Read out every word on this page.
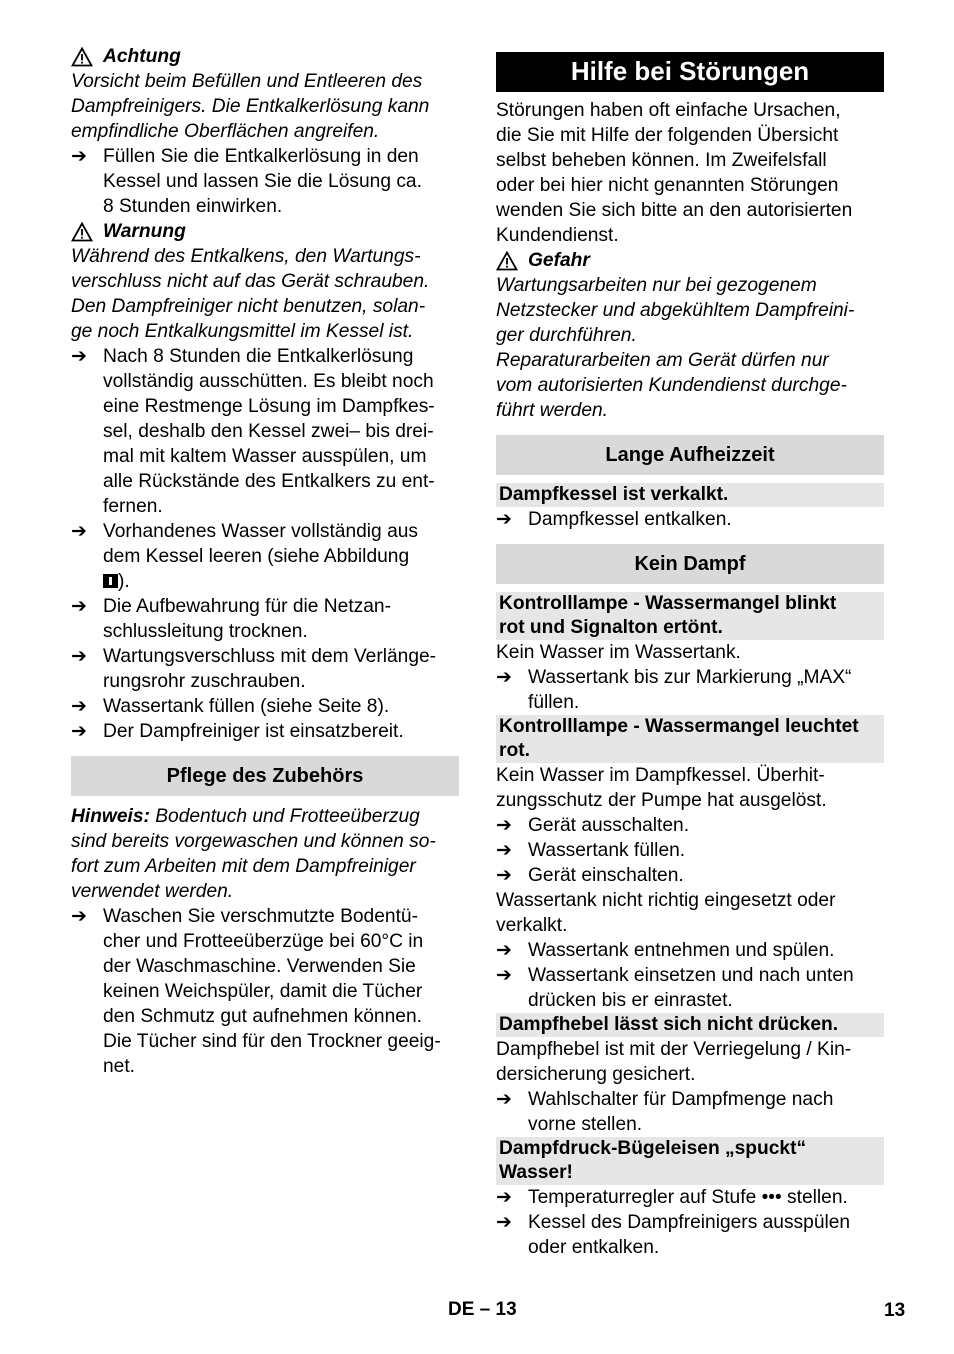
Achtung

Vorsicht beim Befüllen und Entleeren des

Dampfreinigers. Die Entkalkerlösung kann

empfindliche Oberflächen angreifen.

➔ Füllen Sie die Entkalkerlösung in den

Kessel und lassen Sie die Lösung ca.

8 Stunden einwirken.

Warnung

Während des Entkalkens, den Wartungs-

verschluss nicht auf das Gerät schrauben.

Den Dampfreiniger nicht benutzen, solan-

ge noch Entkalkungsmittel im Kessel ist.

➔ Nach 8 Stunden die Entkalkerlösung

vollständig ausschütten. Es bleibt noch

eine Restmenge Lösung im Dampfkes-

sel, deshalb den Kessel zwei– bis drei-

mal mit kaltem Wasser ausspülen, um

alle Rückstände des Entkalkers zu ent-

fernen.

➔ Vorhandenes Wasser vollständig aus

dem Kessel leeren (siehe Abbildung

).

➔ Die Aufbewahrung für die Netzan-

schlussleitung trocknen.

➔ Wartungsverschluss mit dem Verlänge-

rungsrohr zuschrauben.

➔ Wassertank füllen (siehe Seite 8).

➔ Der Dampfreiniger ist einsatzbereit.

Pflege des Zubehörs

Hinweis: Bodentuch und Frotteeüberzug

sind bereits vorgewaschen und können so-

fort zum Arbeiten mit dem Dampfreiniger

verwendet werden.

➔ Waschen Sie verschmutzte Bodentü-

cher und Frotteeüberzüge bei 60°C in

der Waschmaschine. Verwenden Sie

keinen Weichspüler, damit die Tücher

den Schmutz gut aufnehmen können.

Die Tücher sind für den Trockner geeig-

net.

Hilfe bei Störungen

Störungen haben oft einfache Ursachen,

die Sie mit Hilfe der folgenden Übersicht

selbst beheben können. Im Zweifelsfall

oder bei hier nicht genannten Störungen

wenden Sie sich bitte an den autorisierten

Kundendienst.

Gefahr

Wartungsarbeiten nur bei gezogenem

Netzstecker und abgekühltem Dampfreini-

ger durchführen.

Reparaturarbeiten am Gerät dürfen nur

vom autorisierten Kundendienst durchge-

führt werden.

Lange Aufheizzeit
Dampfkessel ist verkalkt.
➔ Dampfkessel entkalken.

Kein Dampf

Kontrolllampe - Wassermangel blinkt

rot und Signalton ertönt.

Kein Wasser im Wassertank.

➔ Wassertank bis zur Markierung „MAX“

füllen.

Kontrolllampe - Wassermangel leuchtet

rot.

Kein Wasser im Dampfkessel. Überhit-

zungsschutz der Pumpe hat ausgelöst.

➔ Gerät ausschalten.

➔ Wassertank füllen.

➔ Gerät einschalten.

Wassertank nicht richtig eingesetzt oder

verkalkt.

➔ Wassertank entnehmen und spülen.

➔ Wassertank einsetzen und nach unten

drücken bis er einrastet.

Dampfhebel lässt sich nicht drücken.

Dampfhebel ist mit der Verriegelung / Kin-

dersicherung gesichert.

➔ Wahlschalter für Dampfmenge nach

vorne stellen.

Dampfdruck-Bügeleisen „spuckt“

Wasser!

➔ Temperaturregler auf Stufe ••• stellen.

➔ Kessel des Dampfreinigers ausspülen

oder entkalken.

DE – 13	13
